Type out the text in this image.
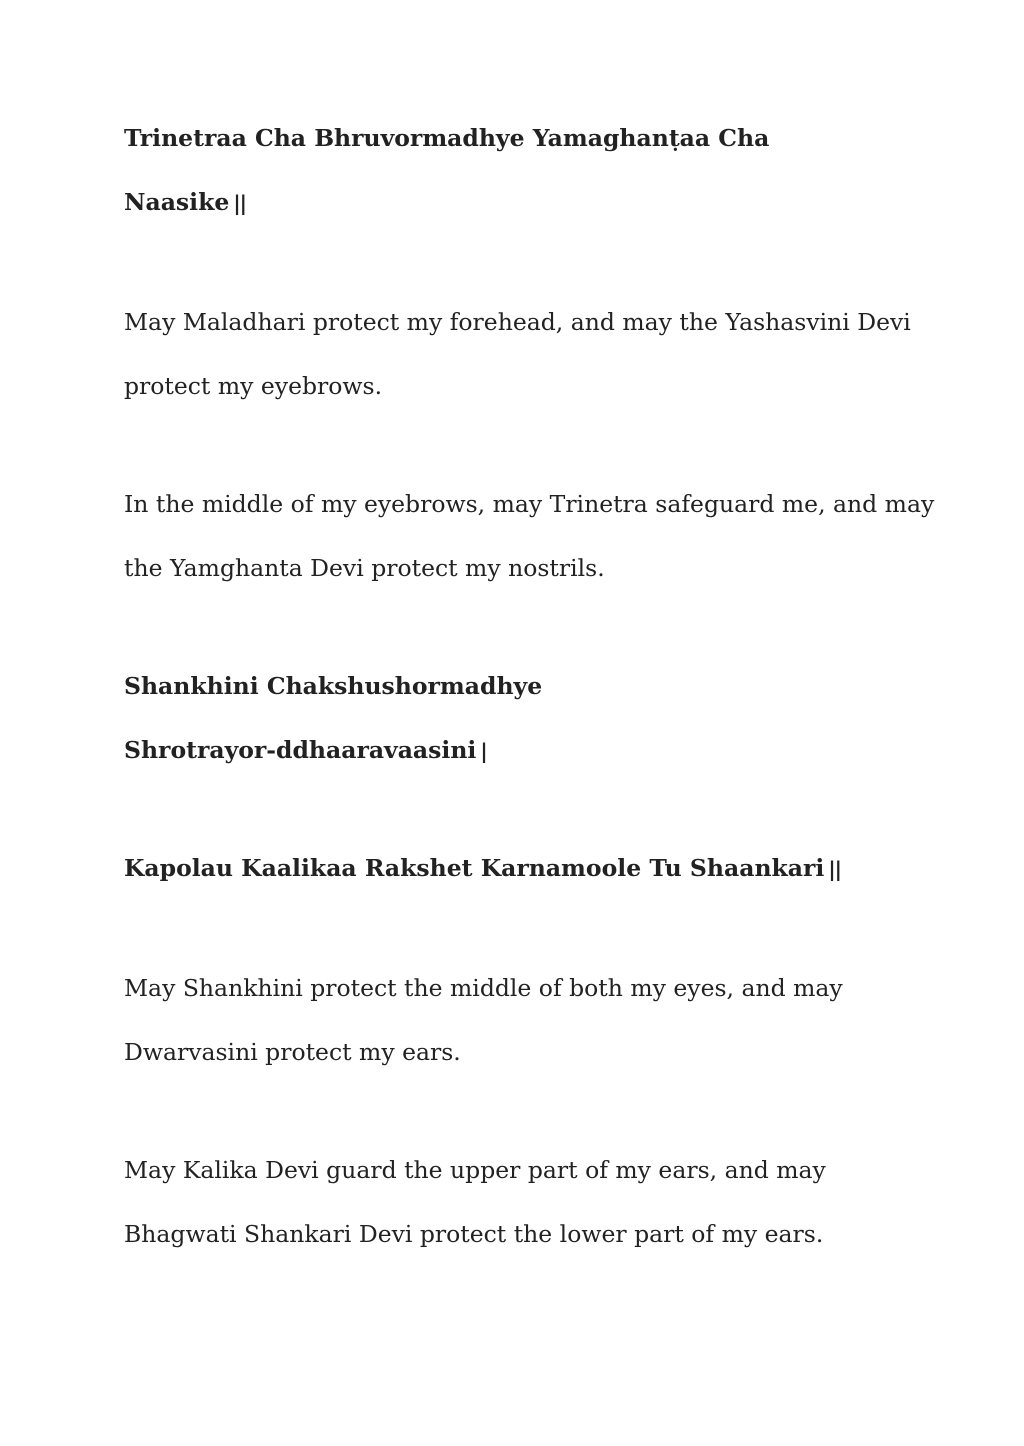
Trinetraa Cha Bhruvormadhye Yamaghanṭaa Cha
Naasike ||

May Maladhari protect my forehead, and may the Yashasvini Devi
protect my eyebrows.

In the middle of my eyebrows, may Trinetra safeguard me, and may
the Yamghanta Devi protect my nostrils.

Shankhini Chakshushormadhye
Shrotrayor-ddhaaravaasini |

Kapolau Kaalikaa Rakshet Karnamoole Tu Shaankari ||

May Shankhini protect the middle of both my eyes, and may
Dwarvasini protect my ears.

May Kalika Devi guard the upper part of my ears, and may
Bhagwati Shankari Devi protect the lower part of my ears.
